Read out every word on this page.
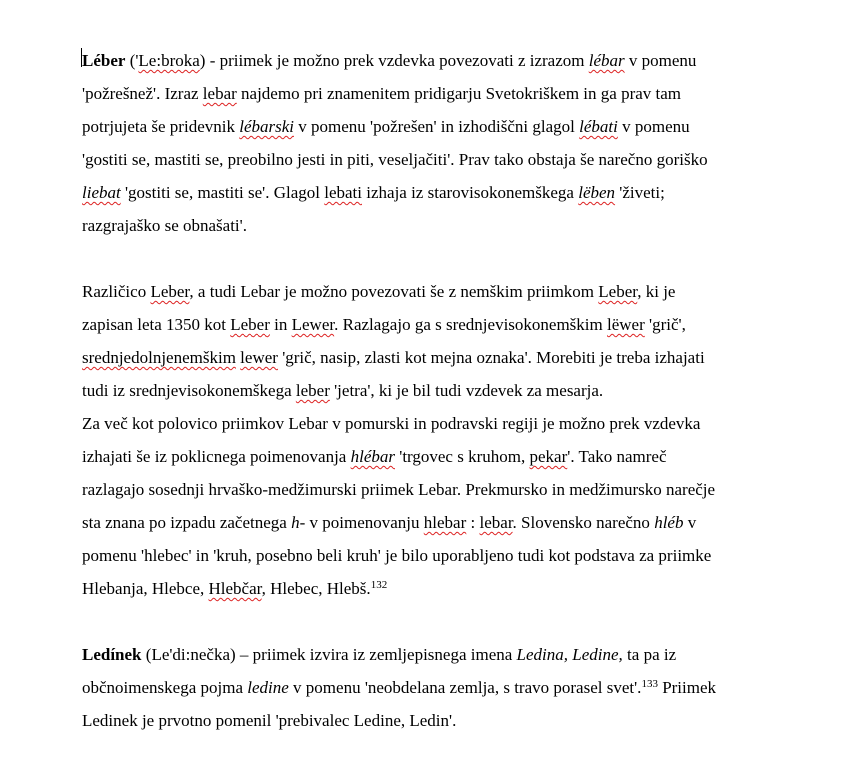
Léber ('Le:broka) - priimek je možno prek vzdevka povezovati z izrazom lébar v pomenu
'požrešnež'. Izraz lebar najdemo pri znamenitem pridigarju Svetokriškem in ga prav tam
potrjujeta še pridevnik lébarski v pomenu 'požrešen' in izhodiščni glagol lébati v pomenu
'gostiti se, mastiti se, preobilno jesti in piti, veseljačiti'. Prav tako obstaja še narečno goriško
liebat 'gostiti se, mastiti se'. Glagol lebati izhaja iz starovisokonemškega lëben 'živeti;
razgrajaško se obnašati'.
Različico Leber, a tudi Lebar je možno povezovati še z nemškim priimkom Leber, ki je
zapisan leta 1350 kot Leber in Lewer. Razlagajo ga s srednjevisokonemškim lëwer 'grič',
srednjedolnjenemškim lewer 'grič, nasip, zlasti kot mejna oznaka'. Morebiti je treba izhajati
tudi iz srednjevisokonemškega leber 'jetra', ki je bil tudi vzdevek za mesarja.
Za več kot polovico priimkov Lebar v pomurski in podravski regiji je možno prek vzdevka
izhajati še iz poklicnega poimenovanja hlébar 'trgovec s kruhom, pekar'. Tako namreč
razlagajo sosednji hrvaško-medžimurski priimek Lebar. Prekmursko in medžimursko narečje
sta znana po izpadu začetnega h- v poimenovanju hlebar : lebar. Slovensko narečno hléb v
pomenu 'hlebec' in 'kruh, posebno beli kruh' je bilo uporabljeno tudi kot podstava za priimke
Hlebanja, Hlebce, Hlebčar, Hlebec, Hlebš.$^{132}$
Ledínek (Le'di:nečka) – priimek izvira iz zemljepisnega imena Ledina, Ledine, ta pa iz
občnoimenskega pojma ledine v pomenu 'neobdelana zemlja, s travo porasel svet'.$^{133}$ Priimek
Ledinek je prvotno pomenil 'prebivalec Ledine, Ledin'.
